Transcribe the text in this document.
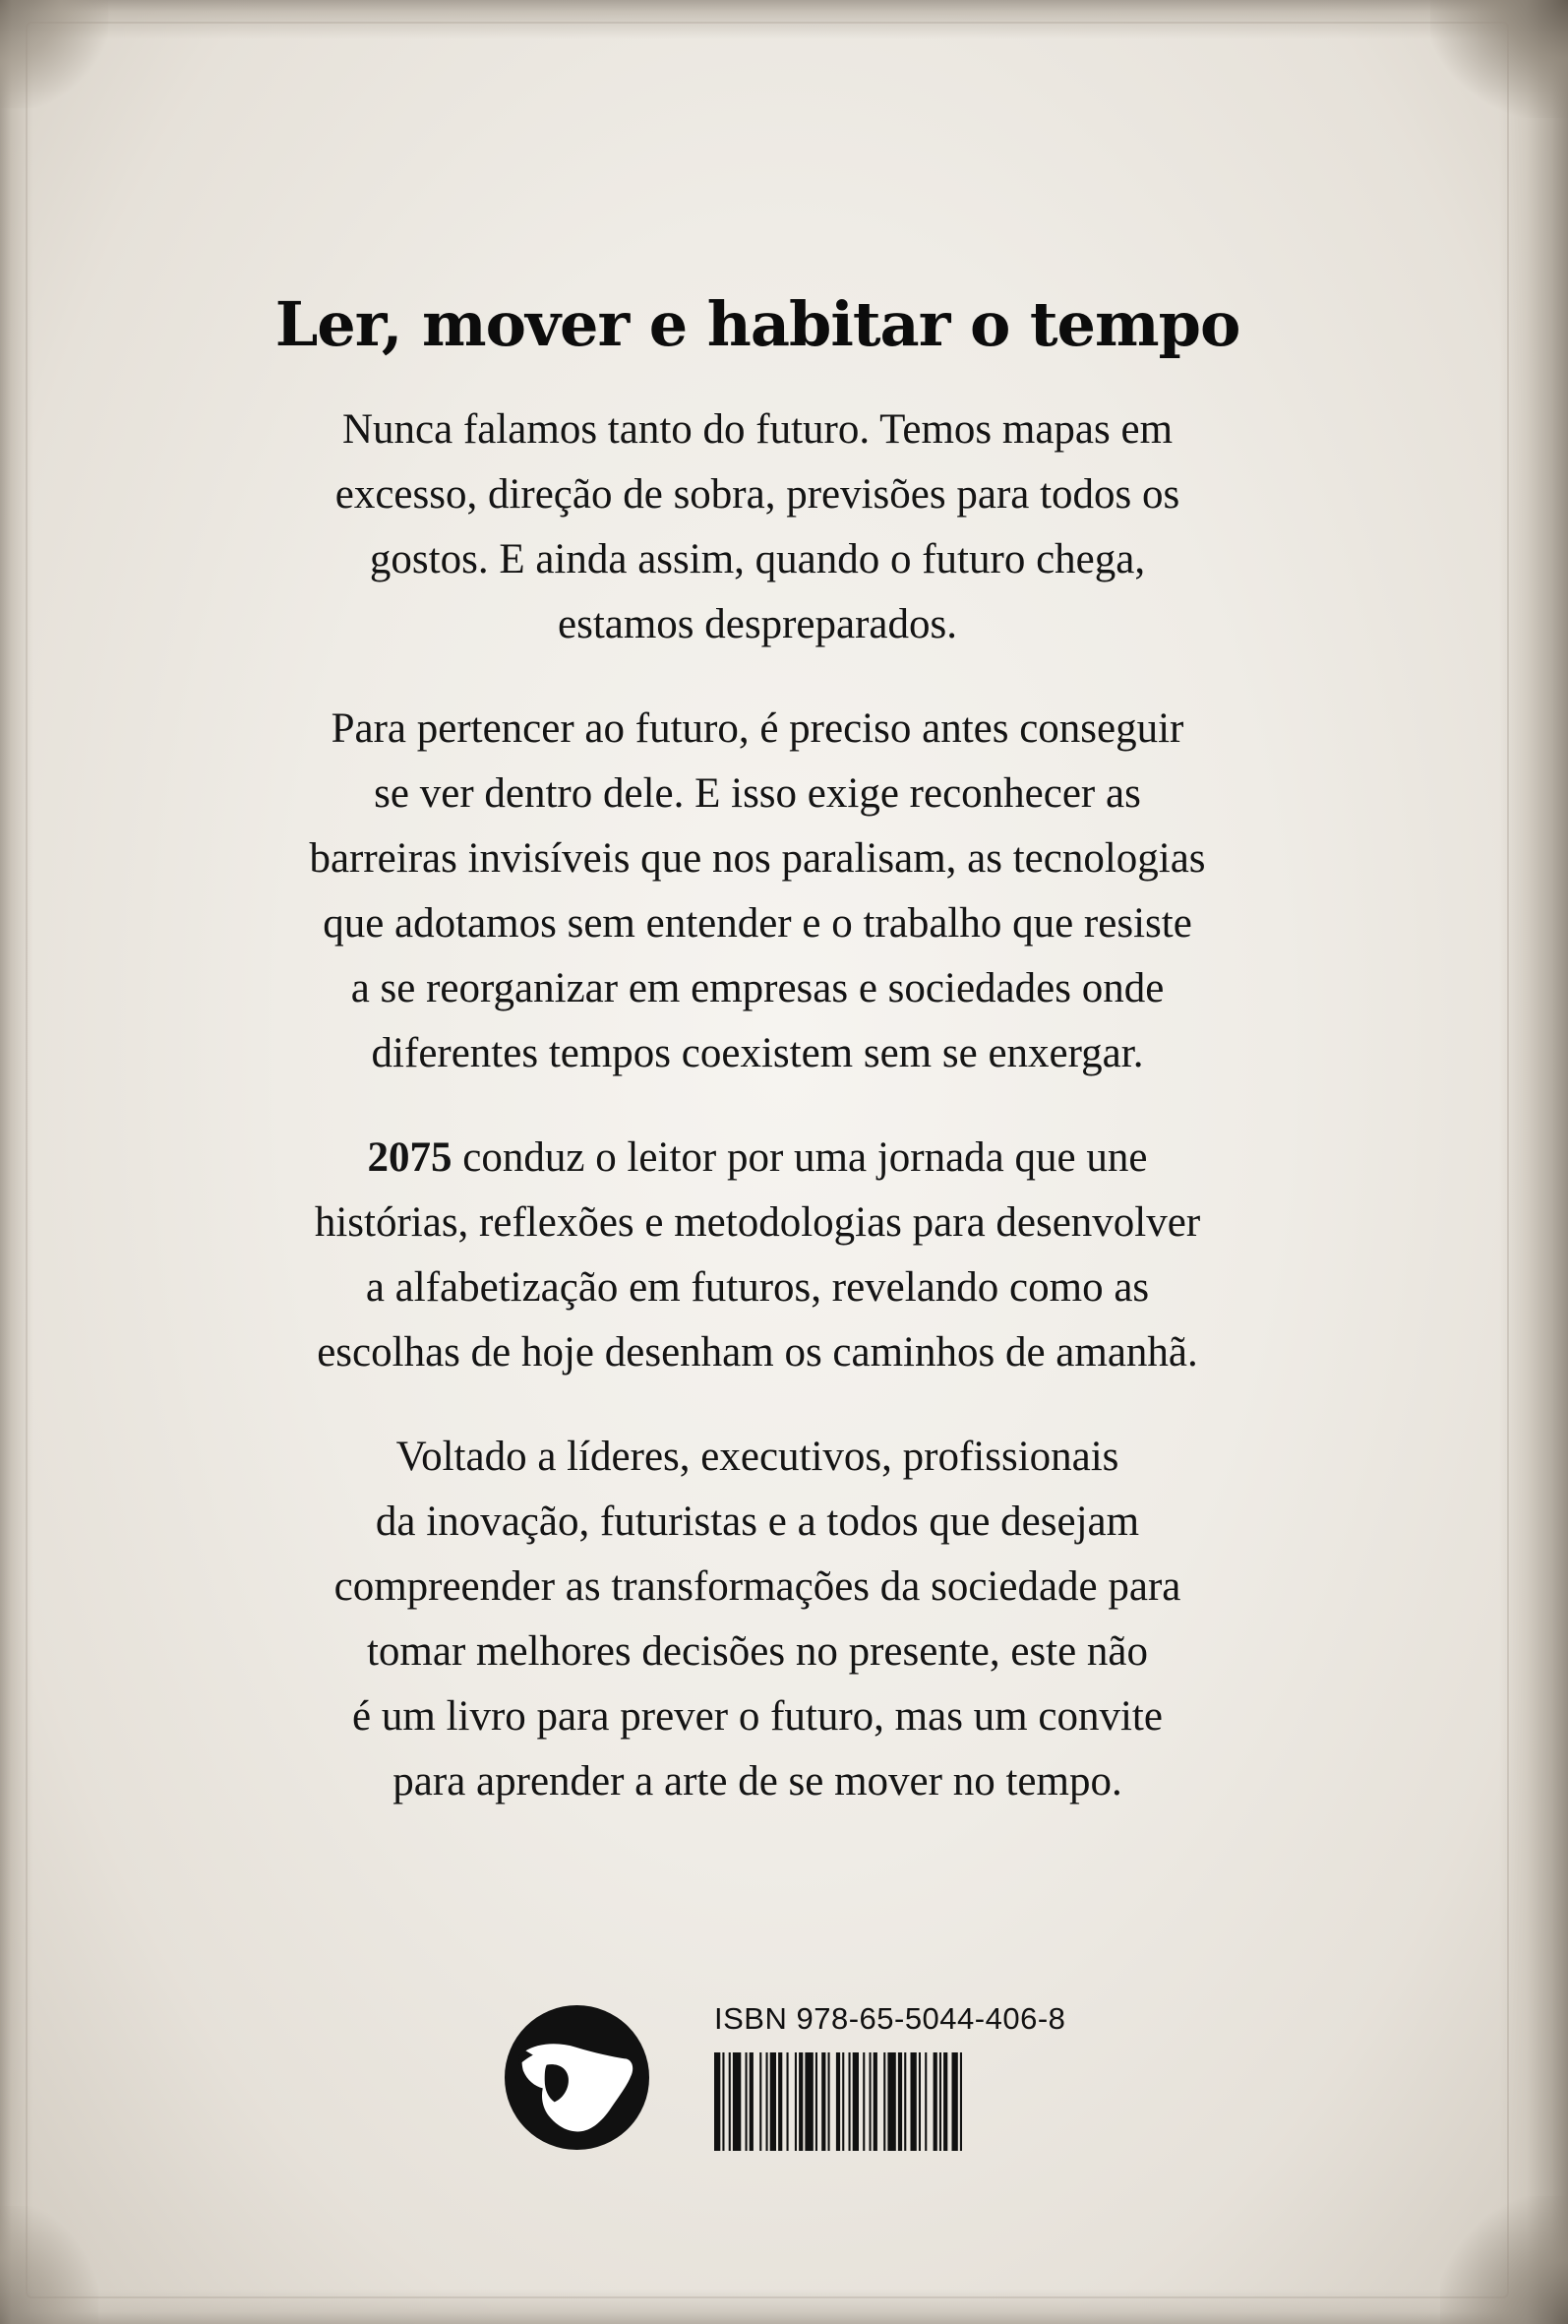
Ler, mover e habitar o tempo

Nunca falamos tanto do futuro. Temos mapas em
excesso, direção de sobra, previsões para todos os
gostos. E ainda assim, quando o futuro chega,
estamos despreparados.

Para pertencer ao futuro, é preciso antes conseguir
se ver dentro dele. E isso exige reconhecer as
barreiras invisíveis que nos paralisam, as tecnologias
que adotamos sem entender e o trabalho que resiste
a se reorganizar em empresas e sociedades onde
diferentes tempos coexistem sem se enxergar.

2075 conduz o leitor por uma jornada que une
histórias, reflexões e metodologias para desenvolver
a alfabetização em futuros, revelando como as
escolhas de hoje desenham os caminhos de amanhã.

Voltado a líderes, executivos, profissionais
da inovação, futuristas e a todos que desejam
compreender as transformações da sociedade para
tomar melhores decisões no presente, este não
é um livro para prever o futuro, mas um convite
para aprender a arte de se mover no tempo.

ISBN 978-65-5044-406-8
